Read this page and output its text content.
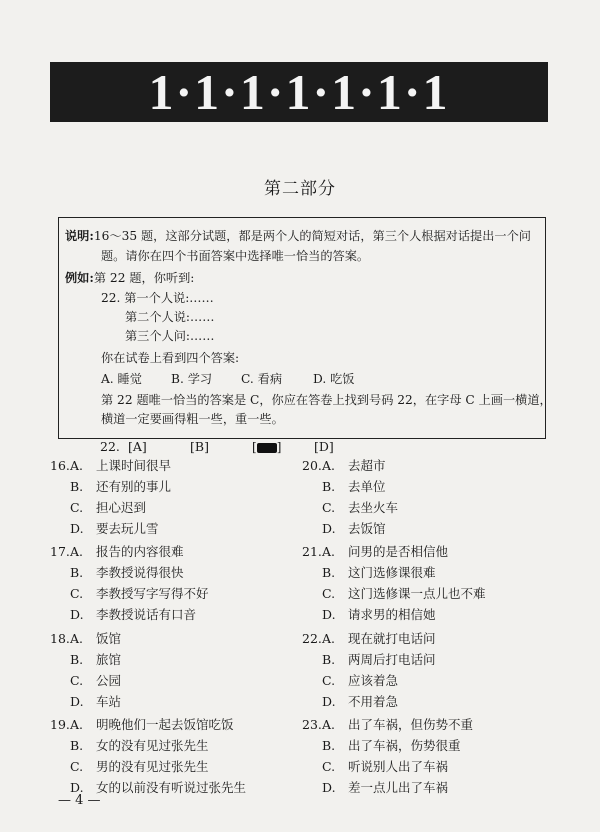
1·1·1·1·1·1·1
第二部分
说明:16～35 题，这部分试题，都是两个人的简短对话，第三个人根据对话提出一个问
题。请你在四个书面答案中选择唯一恰当的答案。
例如:第 22 题，你听到:
22. 第一个人说:……
第二个人说:……
第三个人问:……
你在试卷上看到四个答案:
A. 睡觉 B. 学习 C. 看病	D. 吃饭
第 22 题唯一恰当的答案是 C，你应在答卷上找到号码 22，在字母 C 上画一横道，
横道一定要画得粗一些，重一些。
22. [A]	[B]	[ ]	[D]
16.A. 上课时间很早
B. 还有别的事儿
C. 担心迟到
D. 要去玩儿雪
17.A. 报告的内容很难
B. 李教授说得很快
C. 李教授写字写得不好
D. 李教授说话有口音
18.A. 饭馆
B. 旅馆
C. 公园
D. 车站
19.A. 明晚他们一起去饭馆吃饭
B. 女的没有见过张先生
C. 男的没有见过张先生
D. 女的以前没有听说过张先生
20.A. 去超市
B. 去单位
C. 去坐火车
D. 去饭馆
21.A. 问男的是否相信他
B. 这门选修课很难
C. 这门选修课一点儿也不难
D. 请求男的相信她
22.A. 现在就打电话问
B. 两周后打电话问
C. 应该着急
D. 不用着急
23.A. 出了车祸，但伤势不重
B. 出了车祸，伤势很重
C. 听说别人出了车祸
D. 差一点儿出了车祸
— 4 —
